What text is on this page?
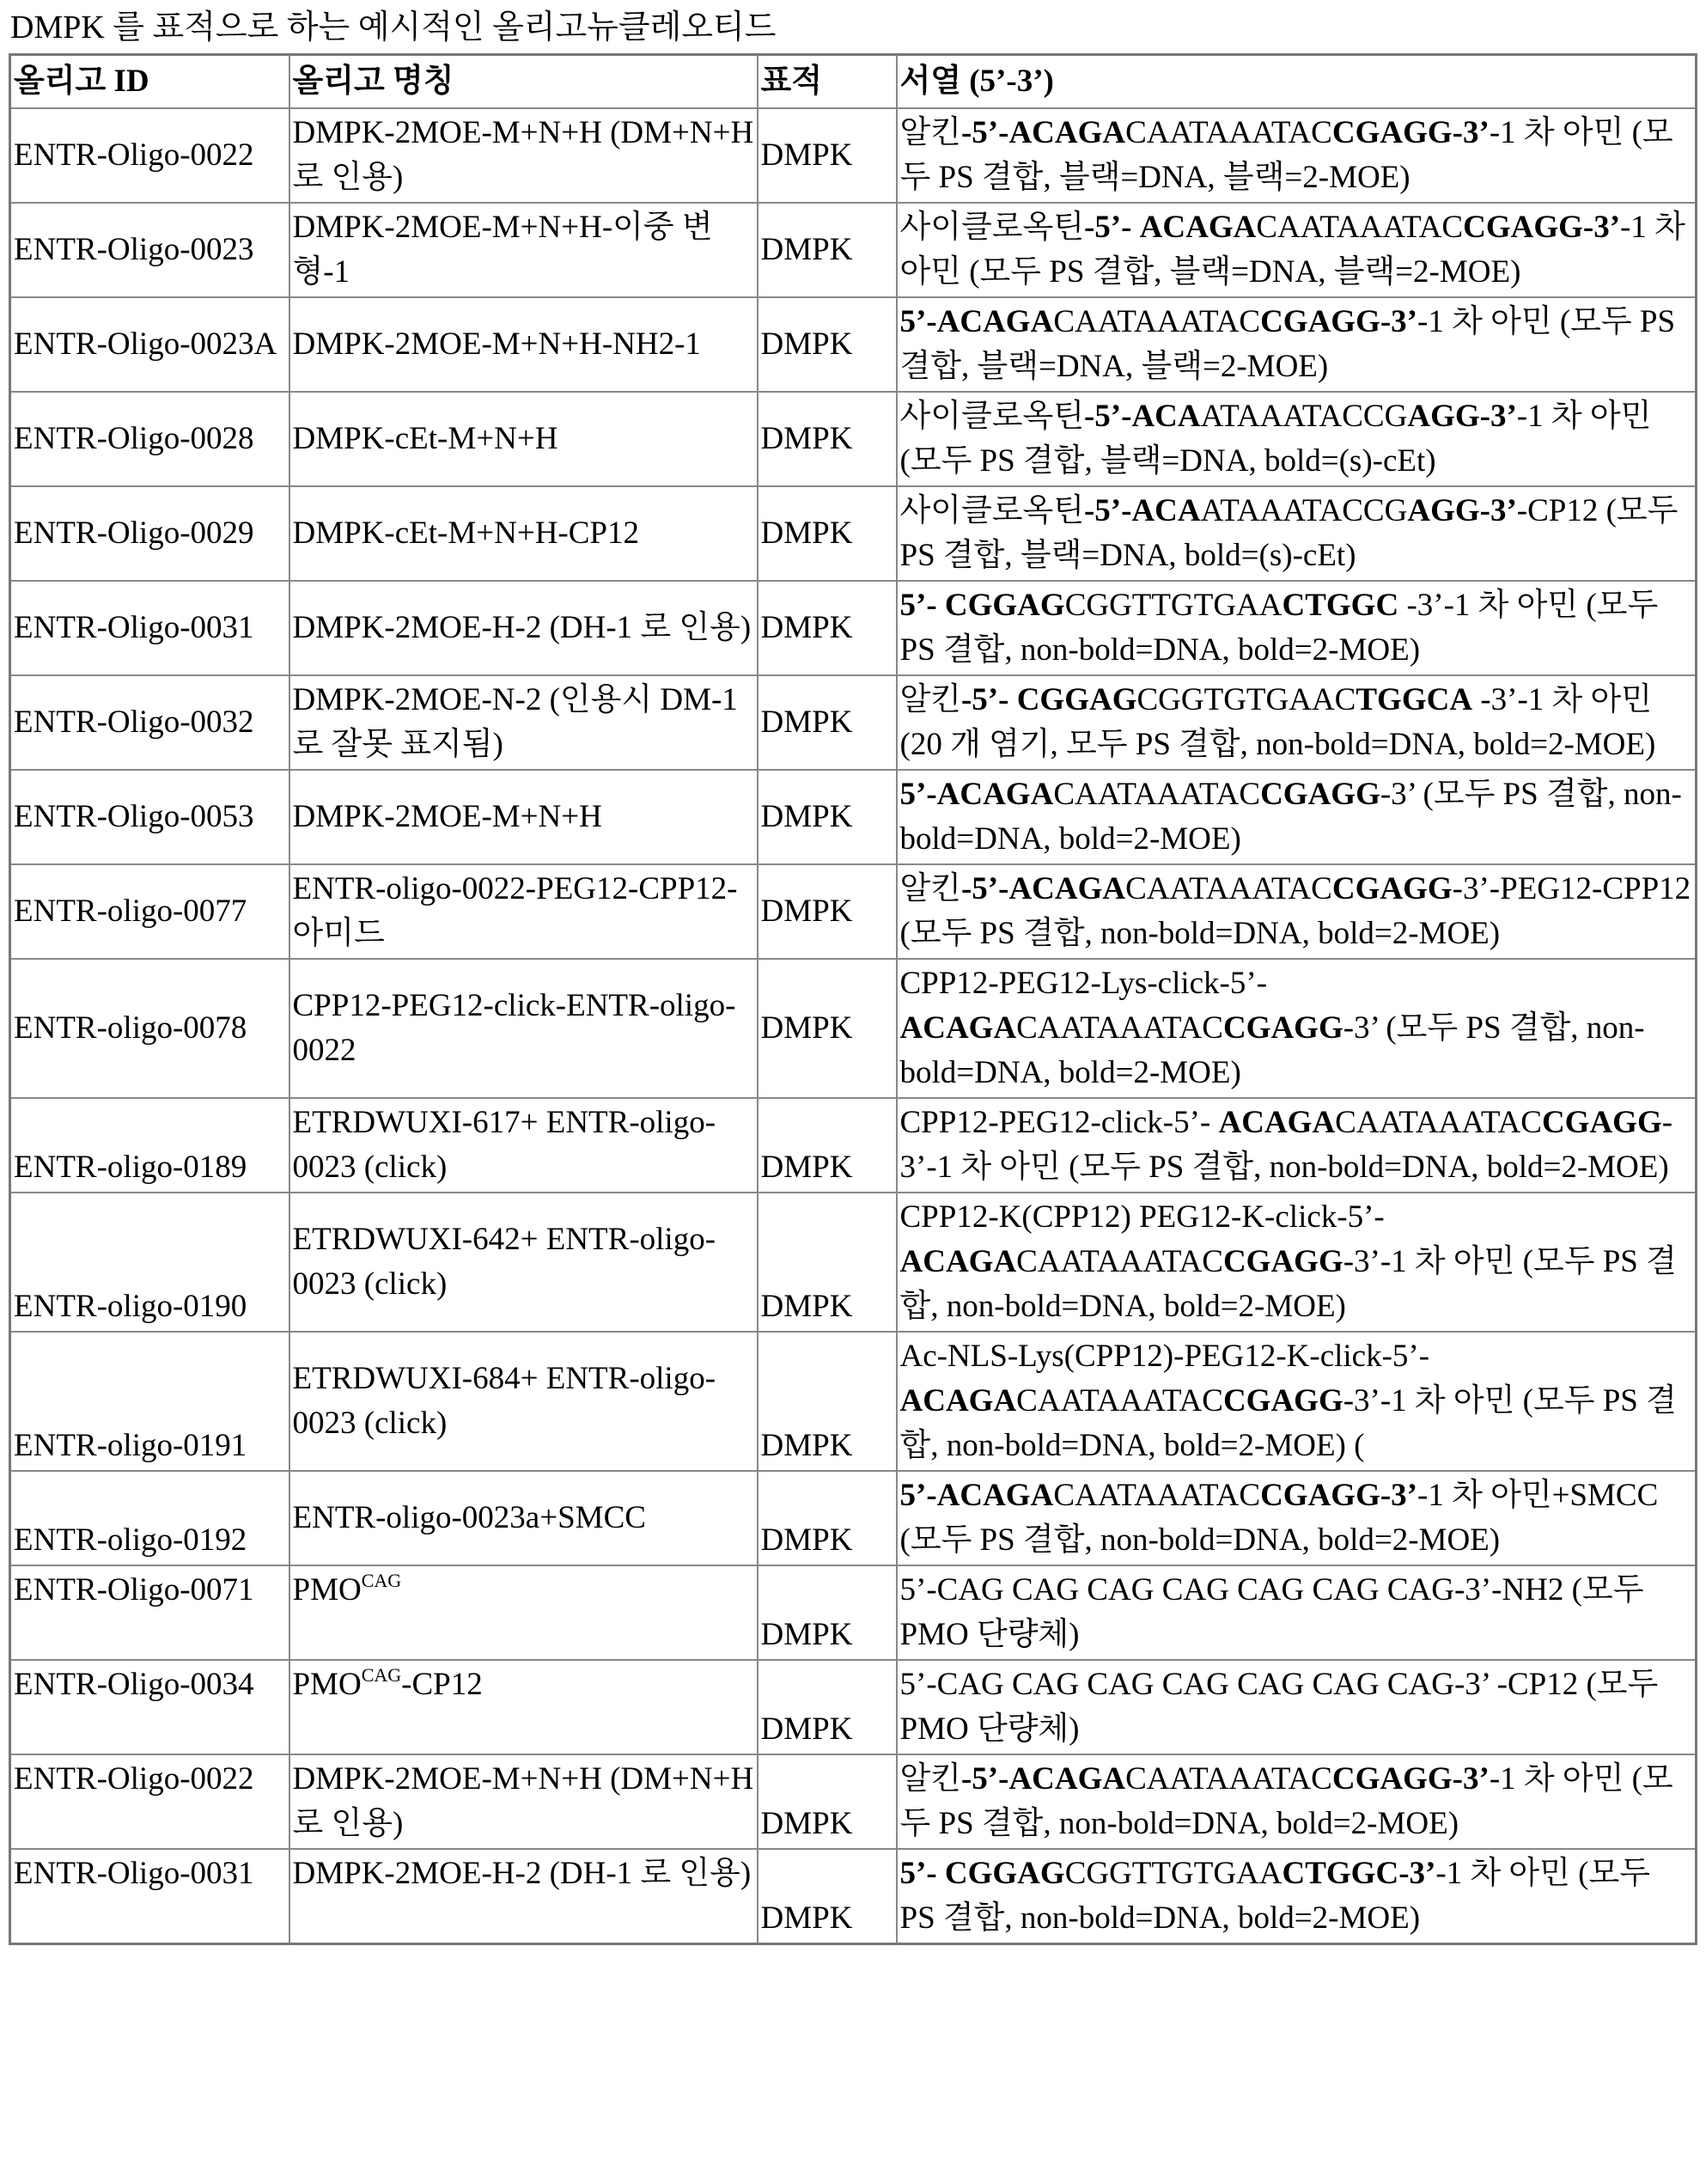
DMPK 를 표적으로 하는 예시적인 올리고뉴클레오티드
올리고 ID	올리고 명칭	표적	서열 (5’-3’)
ENTR-Oligo-0022	DMPK-2MOE-M+N+H (DM+N+H 로 인용)	DMPK	알킨-5’-ACAGACAATAAATACCGAGG-3’-1 차 아민 (모두 PS 결합, 블랙=DNA, 블랙=2-MOE)
ENTR-Oligo-0023	DMPK-2MOE-M+N+H-이중 변형-1	DMPK	사이클로옥틴-5’- ACAGACAATAAATACCGAGG-3’-1 차 아민 (모두 PS 결합, 블랙=DNA, 블랙=2-MOE)
ENTR-Oligo-0023A	DMPK-2MOE-M+N+H-NH2-1	DMPK	5’-ACAGACAATAAATACCGAGG-3’-1 차 아민 (모두 PS 결합, 블랙=DNA, 블랙=2-MOE)
ENTR-Oligo-0028	DMPK-cEt-M+N+H	DMPK	사이클로옥틴-5’-ACAATAAATACCGAGG-3’-1 차 아민 (모두 PS 결합, 블랙=DNA, bold=(s)-cEt)
ENTR-Oligo-0029	DMPK-cEt-M+N+H-CP12	DMPK	사이클로옥틴-5’-ACAATAAATACCGAGG-3’-CP12 (모두 PS 결합, 블랙=DNA, bold=(s)-cEt)
ENTR-Oligo-0031	DMPK-2MOE-H-2 (DH-1 로 인용)	DMPK	5’- CGGAGCGGTTGTGAACTGGC -3’-1 차 아민 (모두 PS 결합, non-bold=DNA, bold=2-MOE)
ENTR-Oligo-0032	DMPK-2MOE-N-2 (인용시 DM-1 로 잘못 표지됨)	DMPK	알킨-5’- CGGAGCGGTGTGAACTGGCA -3’-1 차 아민 (20 개 염기, 모두 PS 결합, non-bold=DNA, bold=2-MOE)
ENTR-Oligo-0053	DMPK-2MOE-M+N+H	DMPK	5’-ACAGACAATAAATACCGAGG-3’ (모두 PS 결합, non-bold=DNA, bold=2-MOE)
ENTR-oligo-0077	ENTR-oligo-0022-PEG12-CPP12-아미드	DMPK	알킨-5’-ACAGACAATAAATACCGAGG-3’-PEG12-CPP12 (모두 PS 결합, non-bold=DNA, bold=2-MOE)
ENTR-oligo-0078	CPP12-PEG12-click-ENTR-oligo-0022	DMPK	CPP12-PEG12-Lys-click-5’- ACAGACAATAAATACCGAGG-3’ (모두 PS 결합, non-bold=DNA, bold=2-MOE)
ENTR-oligo-0189	ETRDWUXI-617+ ENTR-oligo-0023 (click)	DMPK	CPP12-PEG12-click-5’- ACAGACAATAAATACCGAGG-3’-1 차 아민 (모두 PS 결합, non-bold=DNA, bold=2-MOE)
ENTR-oligo-0190	ETRDWUXI-642+ ENTR-oligo-0023 (click)	DMPK	CPP12-K(CPP12) PEG12-K-click-5’- ACAGACAATAAATACCGAGG-3’-1 차 아민 (모두 PS 결합, non-bold=DNA, bold=2-MOE)
ENTR-oligo-0191	ETRDWUXI-684+ ENTR-oligo-0023 (click)	DMPK	Ac-NLS-Lys(CPP12)-PEG12-K-click-5’- ACAGACAATAAATACCGAGG-3’-1 차 아민 (모두 PS 결합, non-bold=DNA, bold=2-MOE) (
ENTR-oligo-0192	ENTR-oligo-0023a+SMCC	DMPK	5’-ACAGACAATAAATACCGAGG-3’-1 차 아민+SMCC (모두 PS 결합, non-bold=DNA, bold=2-MOE)
ENTR-Oligo-0071	PMOCAG	DMPK	5’-CAG CAG CAG CAG CAG CAG CAG-3’-NH2 (모두 PMO 단량체)
ENTR-Oligo-0034	PMOCAG-CP12	DMPK	5’-CAG CAG CAG CAG CAG CAG CAG-3’ -CP12 (모두 PMO 단량체)
ENTR-Oligo-0022	DMPK-2MOE-M+N+H (DM+N+H 로 인용)	DMPK	알킨-5’-ACAGACAATAAATACCGAGG-3’-1 차 아민 (모두 PS 결합, non-bold=DNA, bold=2-MOE)
ENTR-Oligo-0031	DMPK-2MOE-H-2 (DH-1 로 인용)	DMPK	5’- CGGAGCGGTTGTGAACTGGC-3’-1 차 아민 (모두 PS 결합, non-bold=DNA, bold=2-MOE)
